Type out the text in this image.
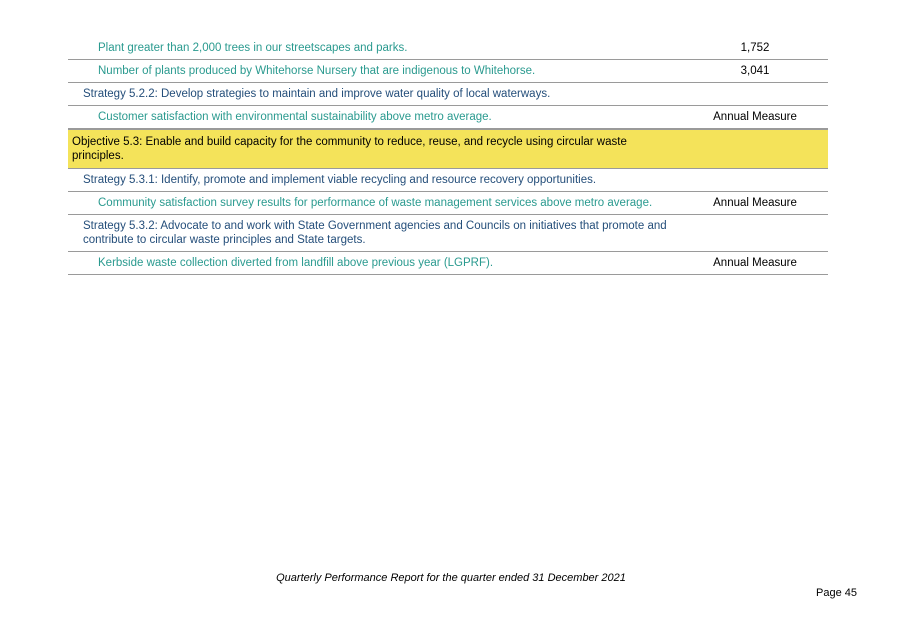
Plant greater than 2,000 trees in our streetscapes and parks.	1,752
Number of plants produced by Whitehorse Nursery that are indigenous to Whitehorse.	3,041
Strategy 5.2.2: Develop strategies to maintain and improve water quality of local waterways.
Customer satisfaction with environmental sustainability above metro average.	Annual Measure
Objective 5.3: Enable and build capacity for the community to reduce, reuse, and recycle using circular waste principles.
Strategy 5.3.1: Identify, promote and implement viable recycling and resource recovery opportunities.
Community satisfaction survey results for performance of waste management services above metro average.	Annual Measure
Strategy 5.3.2: Advocate to and work with State Government agencies and Councils on initiatives that promote and contribute to circular waste principles and State targets.
Kerbside waste collection diverted from landfill above previous year (LGPRF).	Annual Measure
Quarterly Performance Report for the quarter ended 31 December 2021
Page 45
